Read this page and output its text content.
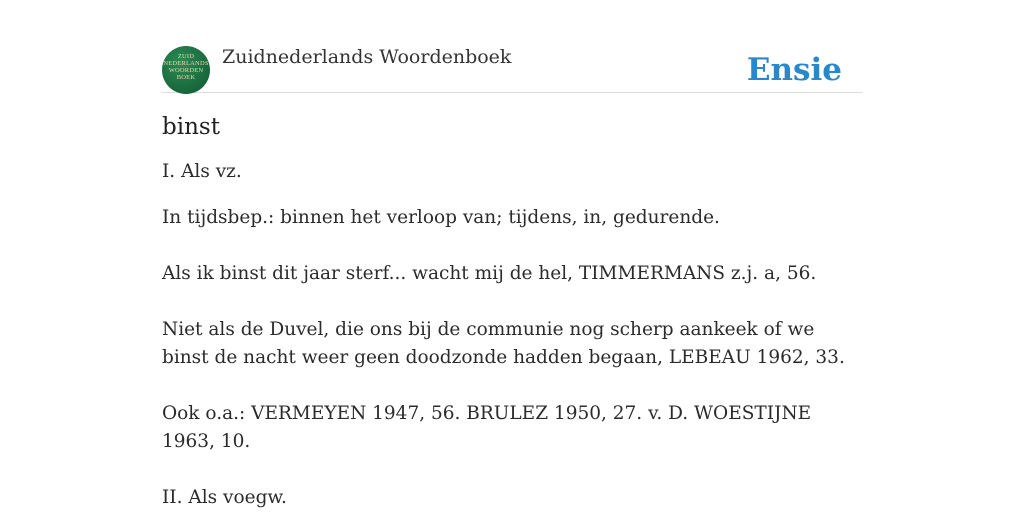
ZUID
NEDERLANDS
WOORDEN
BOEK
Zuidnederlands Woordenboek	Ensie
binst

I. Als vz.

In tijdsbep.: binnen het verloop van; tijdens, in, gedurende.

Als ik binst dit jaar sterf... wacht mij de hel, TIMMERMANS z.j. a, 56.

Niet als de Duvel, die ons bij de communie nog scherp aankeek of we binst de nacht weer geen doodzonde hadden begaan, LEBEAU 1962, 33.

Ook o.a.: VERMEYEN 1947, 56. BRULEZ 1950, 27. v. D. WOESTIJNE 1963, 10.

II. Als voegw.
